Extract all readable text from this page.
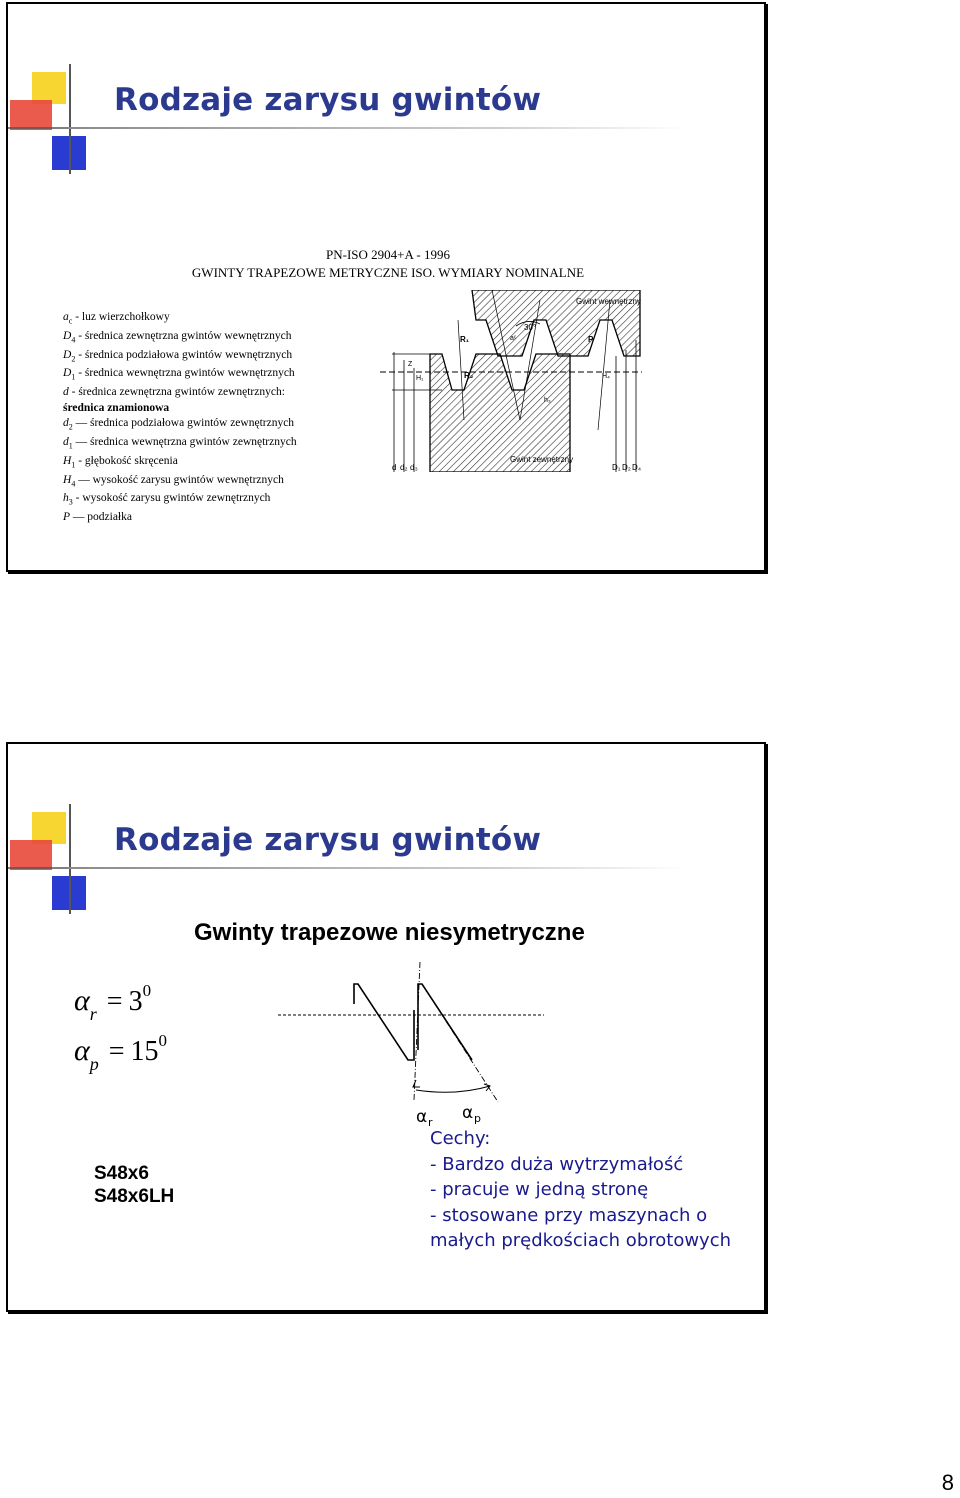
Rodzaje zarysu gwintów
PN-ISO 2904+A - 1996
GWINTY TRAPEZOWE METRYCZNE ISO. WYMIARY NOMINALNE
$a_c$ - luz wierzchołkowy
$D_4$ - średnica zewnętrzna gwintów wewnętrznych
$D_2$ - średnica podziałowa gwintów wewnętrznych
$D_1$ - średnica wewnętrzna gwintów wewnętrznych
d - średnica zewnętrzna gwintów zewnętrznych:
średnica znamionowa
$d_2$ — średnica podziałowa gwintów zewnętrznych
$d_1$ — średnica wewnętrzna gwintów zewnętrznych
$H_1$ - głębokość skręcenia
$H_4$ — wysokość zarysu gwintów wewnętrznych
$h_3$ - wysokość zarysu gwintów zewnętrznych
P — podziałka
Gwint wewnętrzny
Gwint zewnętrzny
30°
R₁
R₂
P
Z
H₁	H₄
h₃
aᶜ
d d₂ d₃	D₁ D₂ D₄
Rodzaje zarysu gwintów
Gwinty trapezowe niesymetryczne
αr = 30
αp = 150
α r α p
S48x6
S48x6LH
Cechy:
- Bardzo duża wytrzymałość
- pracuje w jedną stronę
- stosowane przy maszynach o
małych prędkościach obrotowych
8
